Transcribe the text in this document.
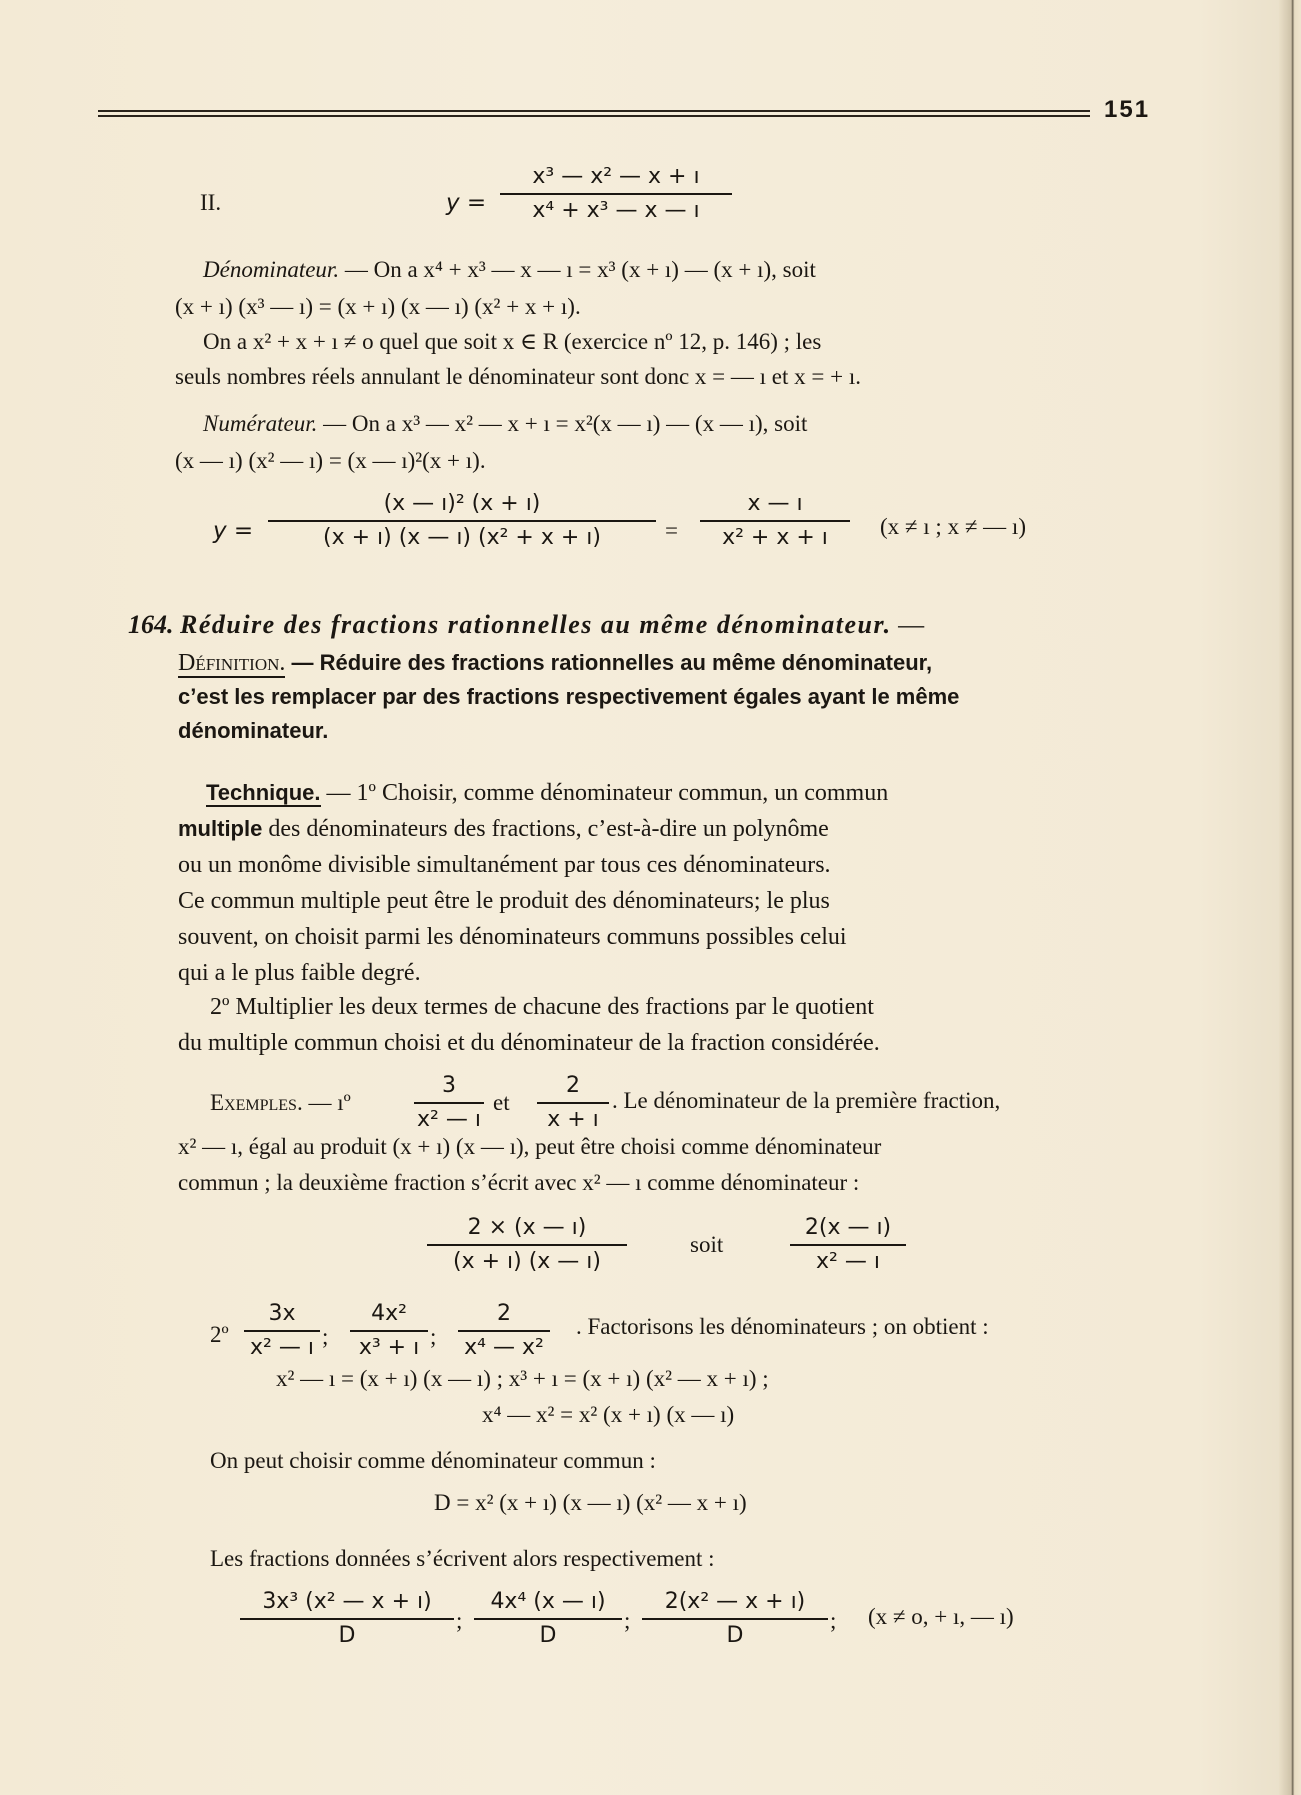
151
II.	$y = \frac{\text{x³ — x² — x + ı}}{\text{x⁴ + x³ — x — ı}}$
Dénominateur. — On a x⁴ + x³ — x — ı = x³ (x + ı) — (x + ı), soit
(x + ı) (x³ — ı) = (x + ı) (x — ı) (x² + x + ı).
On a x² + x + ı ≠ o quel que soit x ∈ R (exercice nº 12, p. 146) ; les
seuls nombres réels annulant le dénominateur sont donc x = — ı et x = + ı.
Numérateur. — On a x³ — x² — x + ı = x²(x — ı) — (x — ı), soit
(x — ı) (x² — ı) = (x — ı)²(x + ı).
$y = \frac{\text{(x — ı)² (x + ı)}}{\text{(x + ı) (x — ı) (x² + x + ı)}} = \frac{x — ı}{\text{x² + x + ı}} (x$ ≠ ı ; x ≠ — ı)
164. Réduire des fractions rationnelles au même dénominateur. —
Définition. — Réduire des fractions rationnelles au même dénominateur,
c’est les remplacer par des fractions respectivement égales ayant le même
dénominateur.
Technique. — 1º Choisir, comme dénominateur commun, un commun
multiple des dénominateurs des fractions, c’est-à-dire un polynôme
ou un monôme divisible simultanément par tous ces dénominateurs.
Ce commun multiple peut être le produit des dénominateurs; le plus
souvent, on choisit parmi les dénominateurs communs possibles celui
qui a le plus faible degré.
2º Multiplier les deux termes de chacune des fractions par le quotient
du multiple commun choisi et du dénominateur de la fraction considérée.
Exemples. — ıº	$\frac{3}{\text{x² — ı}}$ et $\frac{2}{x + ı}$ . Le dénominateur de la première fraction,
x² — ı, égal au produit (x + ı) (x — ı), peut être choisi comme dénominateur
commun ; la deuxième fraction s’écrit avec x² — ı comme dénominateur :
$\frac{2 \times (x — ı)}{(x + ı) (x — ı)}$	soit	$\frac{2(x — ı)}{\text{x² — ı}}$
2º $\frac{3x}{\text{x² — ı}}$ ; $\frac{\text{4x²}}{\text{x³ + ı}}$ ; $\frac{2}{\text{x⁴ — x²}}$ . Factorisons les dénominateurs ; on obtient :
x² — ı = (x + ı) (x — ı) ; x³ + ı = (x + ı) (x² — x + ı) ;
x⁴ — x² = x² (x + ı) (x — ı)
On peut choisir comme dénominateur commun :
D = x² (x + ı) (x — ı) (x² — x + ı)
Les fractions données s’écrivent alors respectivement :
$\frac{\text{3x³ (x² — x + ı)}}{D}$ ; $\frac{\text{4x⁴ (x — ı)}}{D}$ ; $\frac{\text{2(x² — x + ı)}}{D}$ ; (x ≠ o, + ı, — ı)
